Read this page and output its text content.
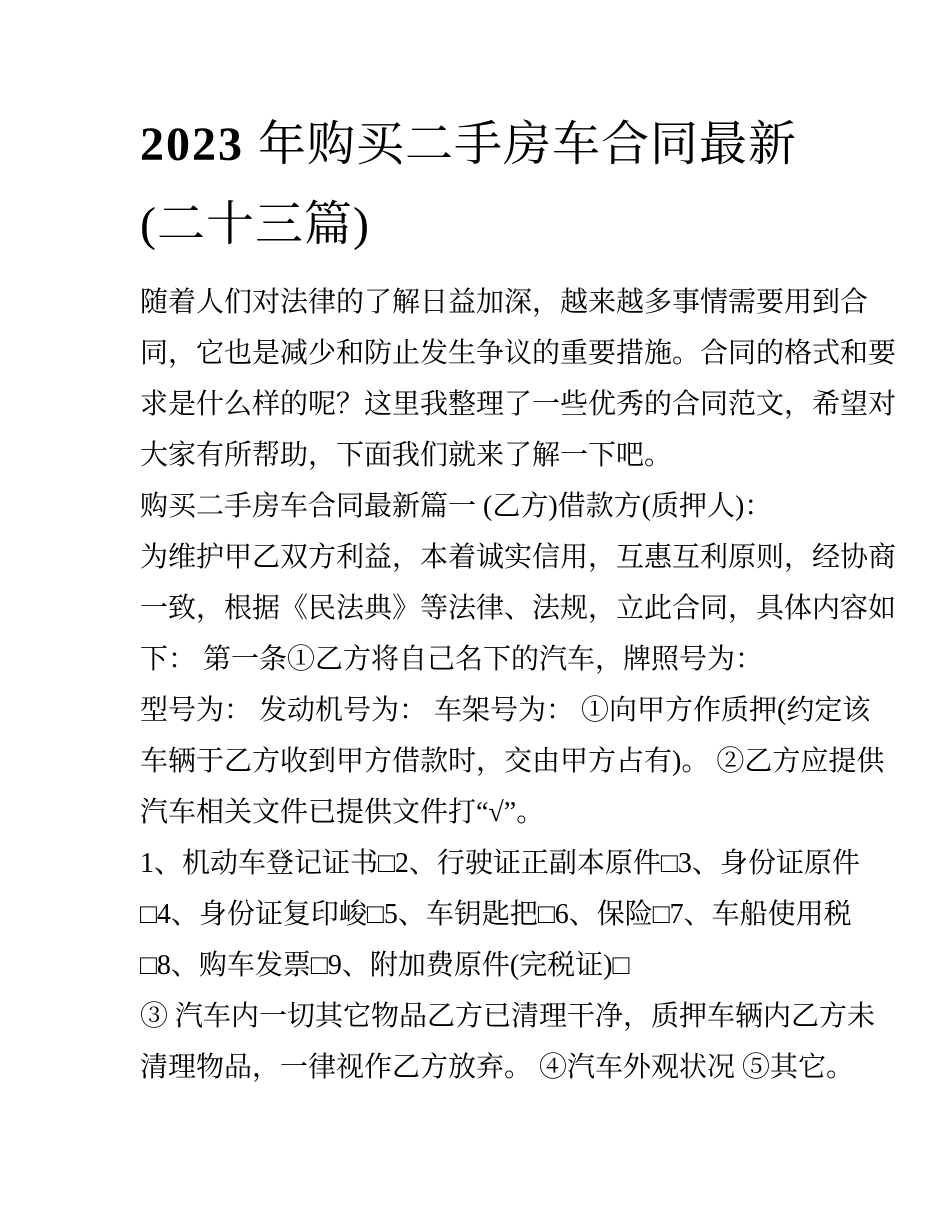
2023 年购买二手房车合同最新
(二十三篇)
随着人们对法律的了解日益加深，越来越多事情需要用到合
同，它也是减少和防止发生争议的重要措施。合同的格式和要
求是什么样的呢？这里我整理了一些优秀的合同范文，希望对
大家有所帮助，下面我们就来了解一下吧。
购买二手房车合同最新篇一 (乙方)借款方(质押人)：
为维护甲乙双方利益，本着诚实信用，互惠互利原则，经协商
一致，根据《民法典》等法律、法规，立此合同，具体内容如
下： 第一条①乙方将自己名下的汽车，牌照号为：
型号为： 发动机号为： 车架号为： ①向甲方作质押(约定该
车辆于乙方收到甲方借款时，交由甲方占有)。 ②乙方应提供
汽车相关文件已提供文件打“√”。
1、机动车登记证书□2、行驶证正副本原件□3、身份证原件
□4、身份证复印峻□5、车钥匙把□6、保险□7、车船使用税
□8、购车发票□9、附加费原件(完税证)□
③ 汽车内一切其它物品乙方已清理干净，质押车辆内乙方未
清理物品，一律视作乙方放弃。 ④汽车外观状况 ⑤其它。
